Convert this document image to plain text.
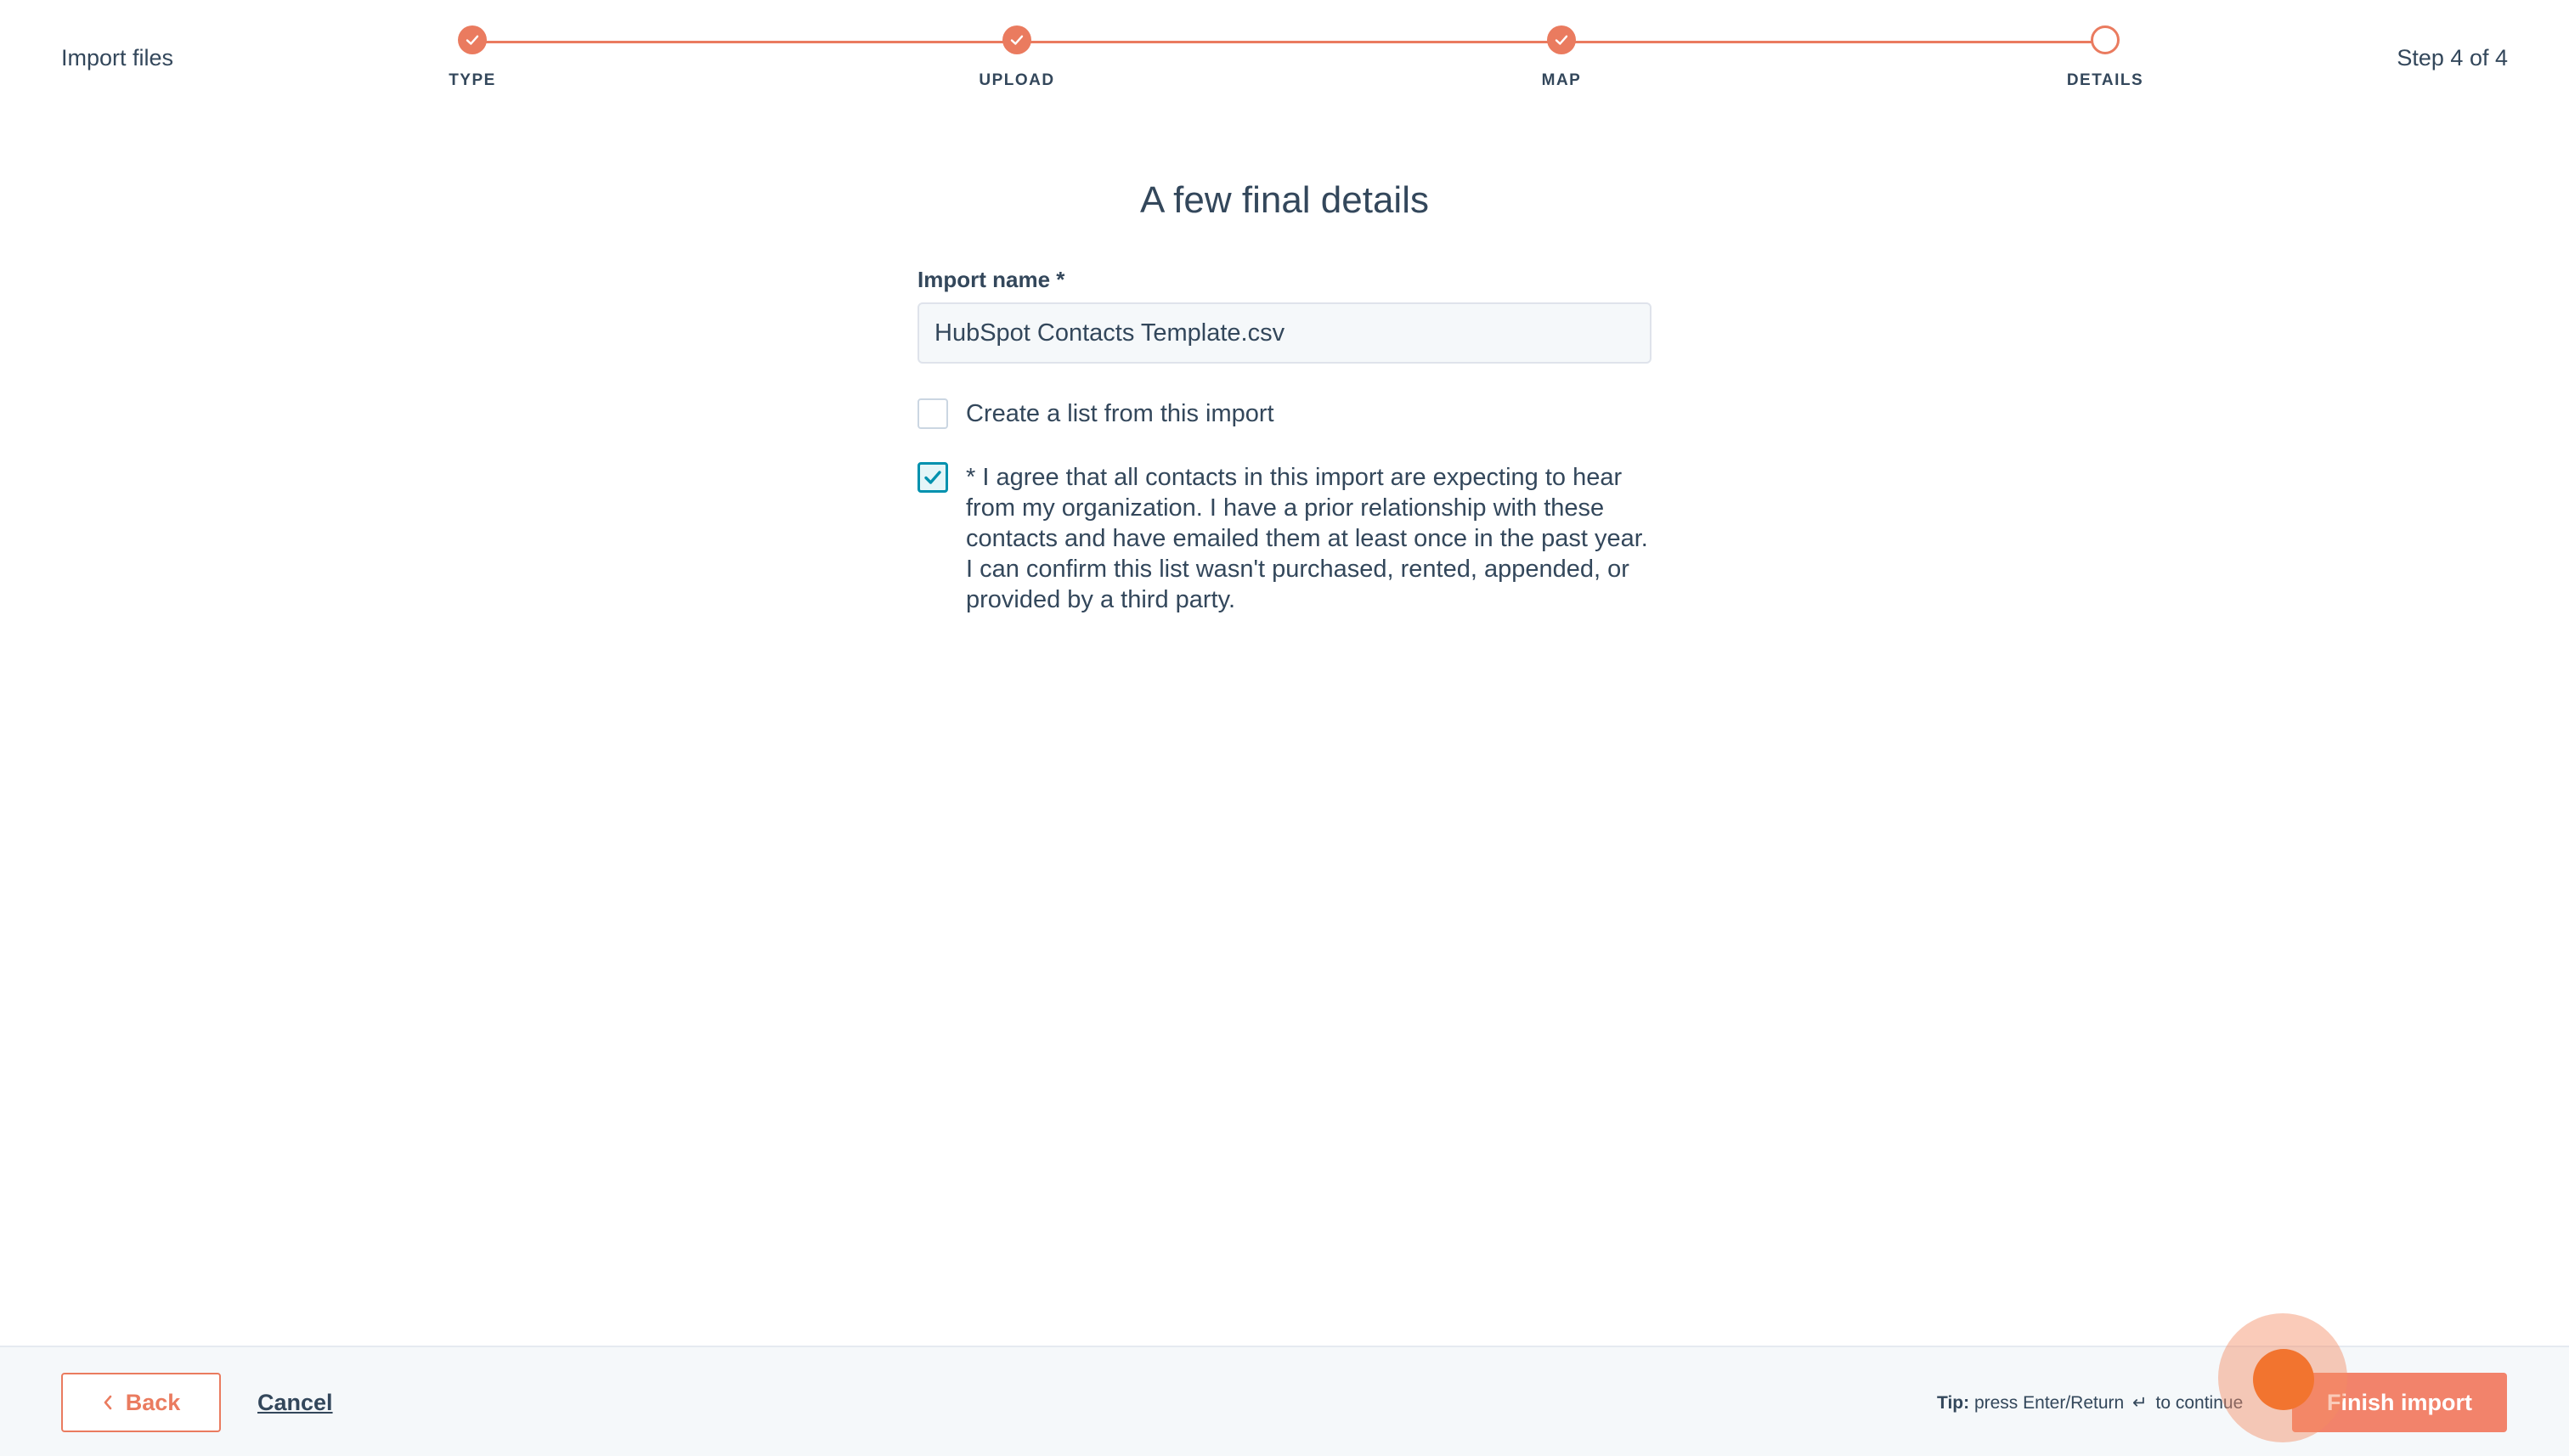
Import files
TYPE	UPLOAD	MAP	DETAILS
Step 4 of 4
A few final details
Import name *
HubSpot Contacts Template.csv
Create a list from this import
* I agree that all contacts in this import are expecting to hear from my organization. I have a prior relationship with these contacts and have emailed them at least once in the past year. I can confirm this list wasn't purchased, rented, appended, or provided by a third party.
Back	Cancel	Tip: press Enter/Return ↵ to continue	Finish import
